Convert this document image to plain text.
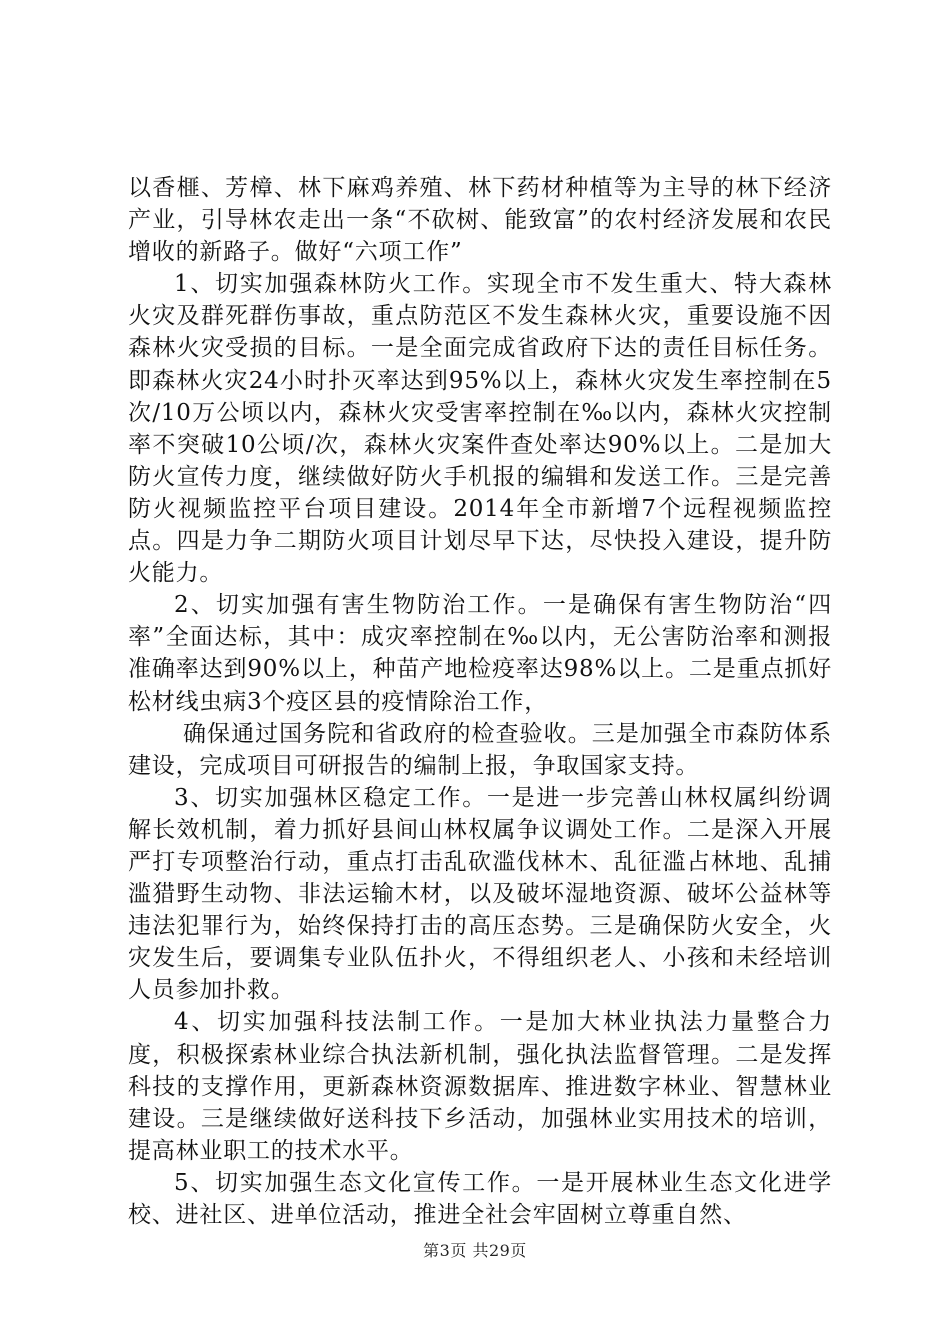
以香榧、芳樟、林下麻鸡养殖、林下药材种植等为主导的林下经济产业，引导林农走出一条“不砍树、能致富”的农村经济发展和农民增收的新路子。做好“六项工作”

1、切实加强森林防火工作。实现全市不发生重大、特大森林火灾及群死群伤事故，重点防范区不发生森林火灾，重要设施不因森林火灾受损的目标。一是全面完成省政府下达的责任目标任务。即森林火灾24小时扑灭率达到95%以上，森林火灾发生率控制在5次/10万公顷以内，森林火灾受害率控制在‰以内，森林火灾控制率不突破10公顷/次，森林火灾案件查处率达90%以上。二是加大防火宣传力度，继续做好防火手机报的编辑和发送工作。三是完善防火视频监控平台项目建设。2014年全市新增7个远程视频监控点。四是力争二期防火项目计划尽早下达，尽快投入建设，提升防火能力。

2、切实加强有害生物防治工作。一是确保有害生物防治“四率”全面达标，其中：成灾率控制在‰以内，无公害防治率和测报准确率达到90%以上，种苗产地检疫率达98%以上。二是重点抓好松材线虫病3个疫区县的疫情除治工作，

确保通过国务院和省政府的检查验收。三是加强全市森防体系建设，完成项目可研报告的编制上报，争取国家支持。

3、切实加强林区稳定工作。一是进一步完善山林权属纠纷调解长效机制，着力抓好县间山林权属争议调处工作。二是深入开展严打专项整治行动，重点打击乱砍滥伐林木、乱征滥占林地、乱捕滥猎野生动物、非法运输木材，以及破坏湿地资源、破坏公益林等违法犯罪行为，始终保持打击的高压态势。三是确保防火安全，火灾发生后，要调集专业队伍扑火，不得组织老人、小孩和未经培训人员参加扑救。

4、切实加强科技法制工作。一是加大林业执法力量整合力度，积极探索林业综合执法新机制，强化执法监督管理。二是发挥科技的支撑作用，更新森林资源数据库、推进数字林业、智慧林业建设。三是继续做好送科技下乡活动，加强林业实用技术的培训，提高林业职工的技术水平。

5、切实加强生态文化宣传工作。一是开展林业生态文化进学校、进社区、进单位活动，推进全社会牢固树立尊重自然、

第3页 共29页
